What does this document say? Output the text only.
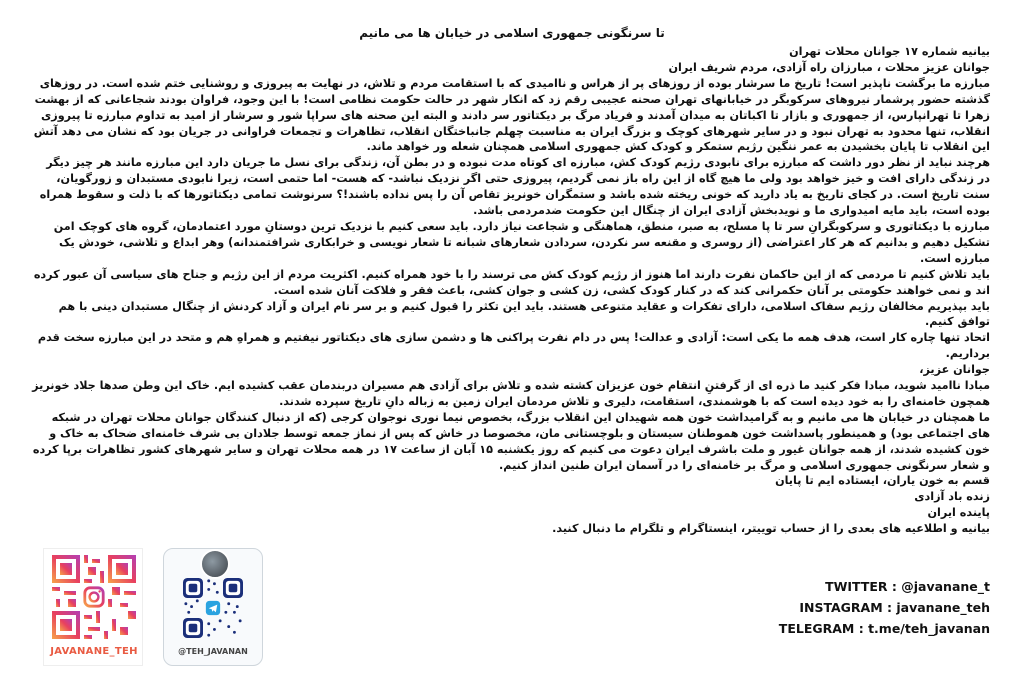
تا سرنگونی جمهوری اسلامی در خیابان ها می مانیم

بیانیه شماره ۱۷ جوانان محلات تهران

جوانان عزیز محلات ، مبارزان راه آزادی، مردم شریف ایران

مبارزه ما برگشت ناپذیر است! تاریخ ما سرشار بوده از روزهای پر از هراس و ناامیدی که با استقامت مردم و تلاش، در نهایت به پیروزی و روشنایی ختم شده است. در روزهای گذشته حضور پرشمار نیروهای سرکوبگر در خیابانهای تهران صحنه عجیبی رقم زد که انکار شهر در حالت حکومت نظامی است! با این وجود، فراوان بودند شجاعانی که از بهشت زهرا تا تهرانپارس، از جمهوری و بازار تا اکباتان به میدان آمدند و فریاد مرگ بر دیکتاتور سر دادند و البته این صحنه های سراپا شور و سرشار از امید به تداوم مبارزه تا پیروزی انقلاب، تنها محدود به تهران نبود و در سایر شهرهای کوچک و بزرگ ایران به مناسبت چهلم جانباختگان انقلاب، تظاهرات و تجمعات فراوانی در جریان بود که نشان می دهد آتش این انقلاب تا پایان بخشیدن به عمر ننگین رژیم ستمکر و کودک کش جمهوری اسلامی همچنان شعله ور خواهد ماند.

هرچند نباید از نظر دور داشت که مبارزه برای نابودی رژیم کودک کش، مبارزه ای کوتاه مدت نبوده و در بطن آن، زندگی برای نسل ما جریان دارد این مبارزه مانند هر چیز دیگر در زندگی دارای افت و خیز خواهد بود ولی ما هیچ گاه از این راه باز نمی گردیم، پیروزی حتی اگر نزدیک نباشد- که هست- اما حتمی است، زیرا نابودی مستبدان و زورگویان، سنت تاریخ است. در کجای تاریخ به یاد دارید که خونی ریخته شده باشد و ستمگران خونریز تقاص آن را پس نداده باشند!؟ سرنوشت تمامی دیکتاتورها که با ذلت و سقوط همراه بوده است، باید مایه امیدواری ما و نویدبخش آزادی ایران از چنگال این حکومت ضدمردمی باشد.

مبارزه با دیکتاتوری و سرکوبگرانِ سر تا پا مسلح، به صبر، منطق، هماهنگی و شجاعت نیاز دارد. باید سعی کنیم با نزدیک ترین دوستانِ مورد اعتمادمان، گروه های کوچک امن تشکیل دهیم و بدانیم که هر کار اعتراضی (از روسری و مقنعه سر نکردن، سردادن شعارهای شبانه تا شعار نویسی و خرابکاری شرافتمندانه) وهر ابداع و تلاشی، خودش یک مبارزه است.

باید تلاش کنیم تا مردمی که از این حاکمان نفرت دارند اما هنوز از رژیم کودک کش می ترسند را با خود همراه کنیم. اکثریت مردم از این رژیم و جناح های سیاسی آن عبور کرده اند و نمی خواهند حکومتی بر آنان حکمرانی کند که در کنار کودک کشی، زن کشی و جوان کشی، باعث فقر و فلاکت آنان شده است.

باید بپذیریم مخالفان رژیم سفاک اسلامی، دارای تفکرات و عقاید متنوعی هستند. باید این تکثر را قبول کنیم و بر سر نام ایران و آزاد کردنش از چنگال مستبدان دینی با هم توافق کنیم.

اتحاد تنها چاره کار است، هدف همه ما یکی است: آزادی و عدالت! پس در دام نفرت پراکنی ها و دشمن سازی های دیکتاتور نیفتیم و همراهِ هم و متحد در این مبارزه سخت قدم برداریم.

جوانان عزیز،

مبادا ناامید شوید، مبادا فکر کنید ما ذره ای از گرفتنِ انتقام خون عزیزان کشته شده و تلاش برای آزادی هم مسیران دربندمان عقب کشیده ایم. خاک این وطن صدها جلاد خونریز همچون خامنه‌ای را به خود دیده است که با هوشمندی، استقامت، دلیری و تلاش مردمان ایران زمین به زباله دانِ تاریخ سپرده شدند.

ما همچنان در خیابان ها می مانیم و به گرامیداشت خون همه شهیدان این انقلاب بزرگ، بخصوص نیما نوری نوجوان کرجی (که از دنبال کنندگان جوانان محلات تهران در شبکه های اجتماعی بود) و همینطور پاسداشت خون هموطنان سیستان و بلوچستانی مان، مخصوصا در خاش که پس از نماز جمعه توسط جلادان بی شرف خامنه‌ای ضحاک به خاک و خون کشیده شدند، از همه جوانان غیور و ملت باشرف ایران دعوت می کنیم که روز یکشنبه ۱۵ آبان از ساعت ۱۷ در همه محلات تهران و سایر شهرهای کشور تظاهرات برپا کرده و شعار سرنگونی جمهوری اسلامی و مرگ بر خامنه‌ای را در آسمان ایران طنین انداز کنیم.

قسم به خون یاران، ایستاده ایم تا پایان

زنده باد آزادی

پاینده ایران

بیانیه و اطلاعیه های بعدی را از حساب توییتر، اینستاگرام و تلگرام ما دنبال کنید.

TWITTER : @javanane_t
INSTAGRAM : javanane_teh
TELEGRAM : t.me/teh_javanan
JAVANANE_TEH	@TEH_JAVANAN
